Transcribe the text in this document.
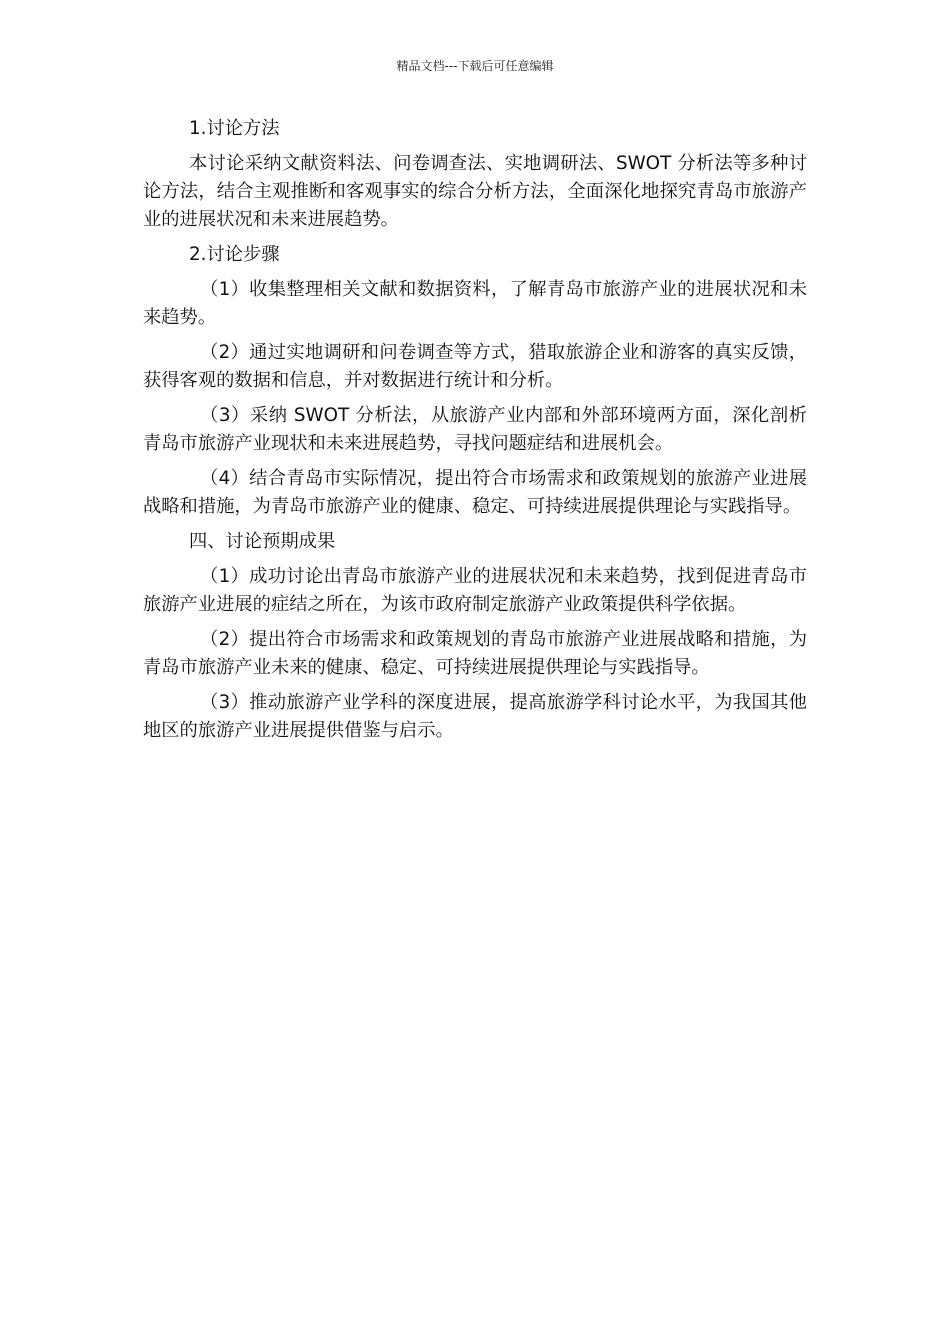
精品文档---下载后可任意编辑
1.讨论方法

本讨论采纳文献资料法、问卷调查法、实地调研法、SWOT 分析法等多种讨论方法，结合主观推断和客观事实的综合分析方法，全面深化地探究青岛市旅游产业的进展状况和未来进展趋势。

2.讨论步骤

（1）收集整理相关文献和数据资料，了解青岛市旅游产业的进展状况和未来趋势。

（2）通过实地调研和问卷调查等方式，猎取旅游企业和游客的真实反馈，获得客观的数据和信息，并对数据进行统计和分析。

（3）采纳 SWOT 分析法，从旅游产业内部和外部环境两方面，深化剖析青岛市旅游产业现状和未来进展趋势，寻找问题症结和进展机会。

（4）结合青岛市实际情况，提出符合市场需求和政策规划的旅游产业进展战略和措施，为青岛市旅游产业的健康、稳定、可持续进展提供理论与实践指导。

四、讨论预期成果

（1）成功讨论出青岛市旅游产业的进展状况和未来趋势，找到促进青岛市旅游产业进展的症结之所在，为该市政府制定旅游产业政策提供科学依据。

（2）提出符合市场需求和政策规划的青岛市旅游产业进展战略和措施，为青岛市旅游产业未来的健康、稳定、可持续进展提供理论与实践指导。

（3）推动旅游产业学科的深度进展，提高旅游学科讨论水平，为我国其他地区的旅游产业进展提供借鉴与启示。
